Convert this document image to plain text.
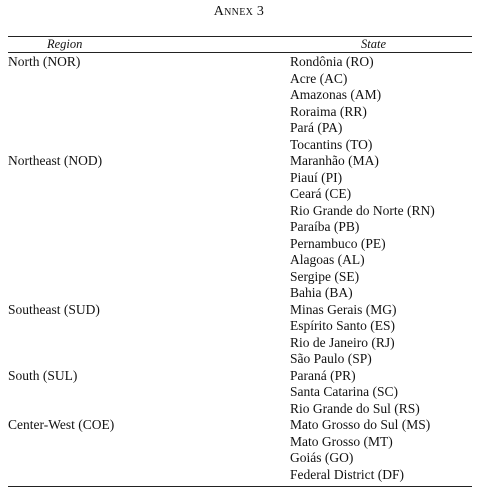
Annex 3
Region	State
North (NOR)	Rondônia (RO)
Acre (AC)
Amazonas (AM)
Roraima (RR)
Pará (PA)
Tocantins (TO)
Northeast (NOD)	Maranhão (MA)
Piauí (PI)
Ceará (CE)
Rio Grande do Norte (RN)
Paraíba (PB)
Pernambuco (PE)
Alagoas (AL)
Sergipe (SE)
Bahia (BA)
Southeast (SUD)	Minas Gerais (MG)
Espírito Santo (ES)
Rio de Janeiro (RJ)
São Paulo (SP)
South (SUL)	Paraná (PR)
Santa Catarina (SC)
Rio Grande do Sul (RS)
Center-West (COE)	Mato Grosso do Sul (MS)
Mato Grosso (MT)
Goiás (GO)
Federal District (DF)
